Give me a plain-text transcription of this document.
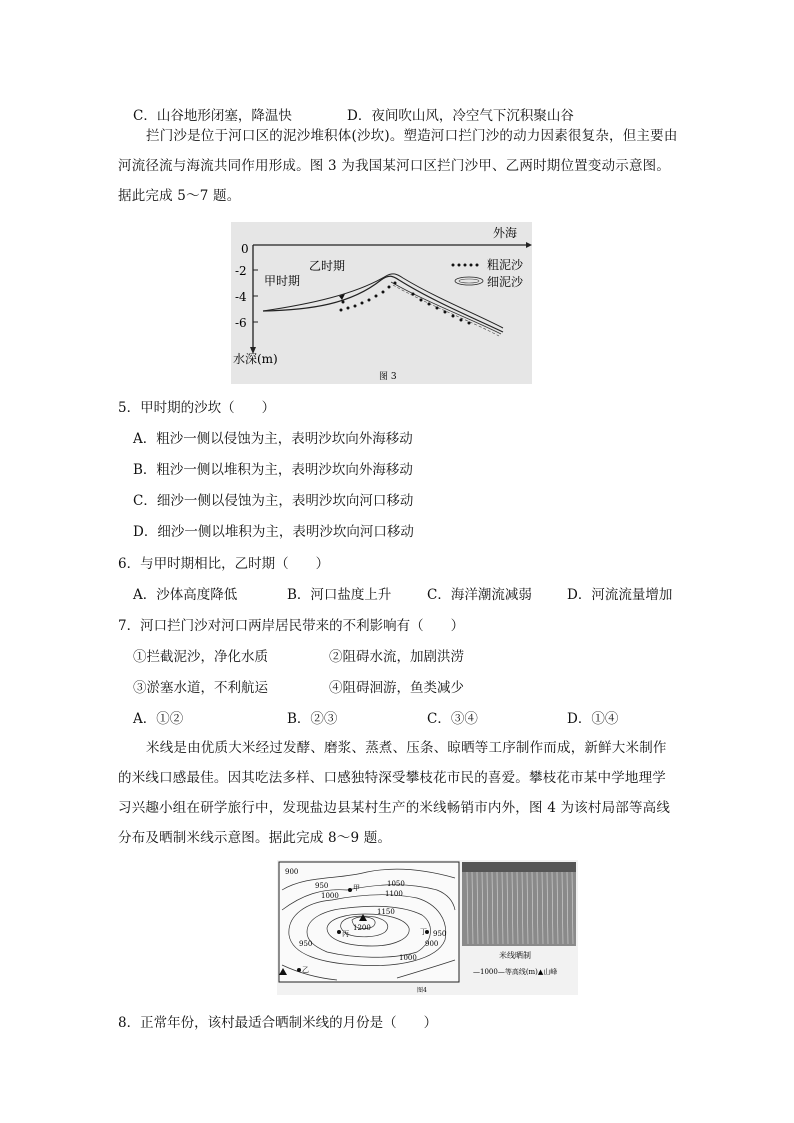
C．山谷地形闭塞，降温快	D．夜间吹山风，冷空气下沉积聚山谷
拦门沙是位于河口区的泥沙堆积体(沙坎)。塑造河口拦门沙的动力因素很复杂，但主要由河流径流与海流共同作用形成。图 3 为我国某河口区拦门沙甲、乙两时期位置变动示意图。据此完成 5～7 题。
0
-2
-4
-6
外海
水深(m)
乙时期
甲时期
粗泥沙
细泥沙
图 3
5．甲时期的沙坎（　　）
A．粗沙一侧以侵蚀为主，表明沙坎向外海移动
B．粗沙一侧以堆积为主，表明沙坎向外海移动
C．细沙一侧以侵蚀为主，表明沙坎向河口移动
D．细沙一侧以堆积为主，表明沙坎向河口移动
6．与甲时期相比，乙时期（　　）
A．沙体高度降低	B．河口盐度上升	C．海洋潮流减弱	D．河流流量增加
7．河口拦门沙对河口两岸居民带来的不利影响有（　　）
①拦截泥沙，净化水质	②阻碍水流，加剧洪涝
③淤塞水道，不利航运	④阻碍洄游，鱼类减少
A．①②	B．②③	C．③④	D．①④
米线是由优质大米经过发酵、磨浆、蒸煮、压条、晾晒等工序制作而成，新鲜大米制作的米线口感最佳。因其吃法多样、口感独特深受攀枝花市民的喜爱。攀枝花市某中学地理学习兴趣小组在研学旅行中，发现盐边县某村生产的米线畅销市内外，图 4 为该村局部等高线分布及晒制米线示意图。据此完成 8～9 题。
900
950
1000
1050
1100
1150
1200
950
900
1000
950
甲
丙	丁
乙
米线晒制
—1000—等高线(m)▲山峰
图4
8．正常年份，该村最适合晒制米线的月份是（　　）
